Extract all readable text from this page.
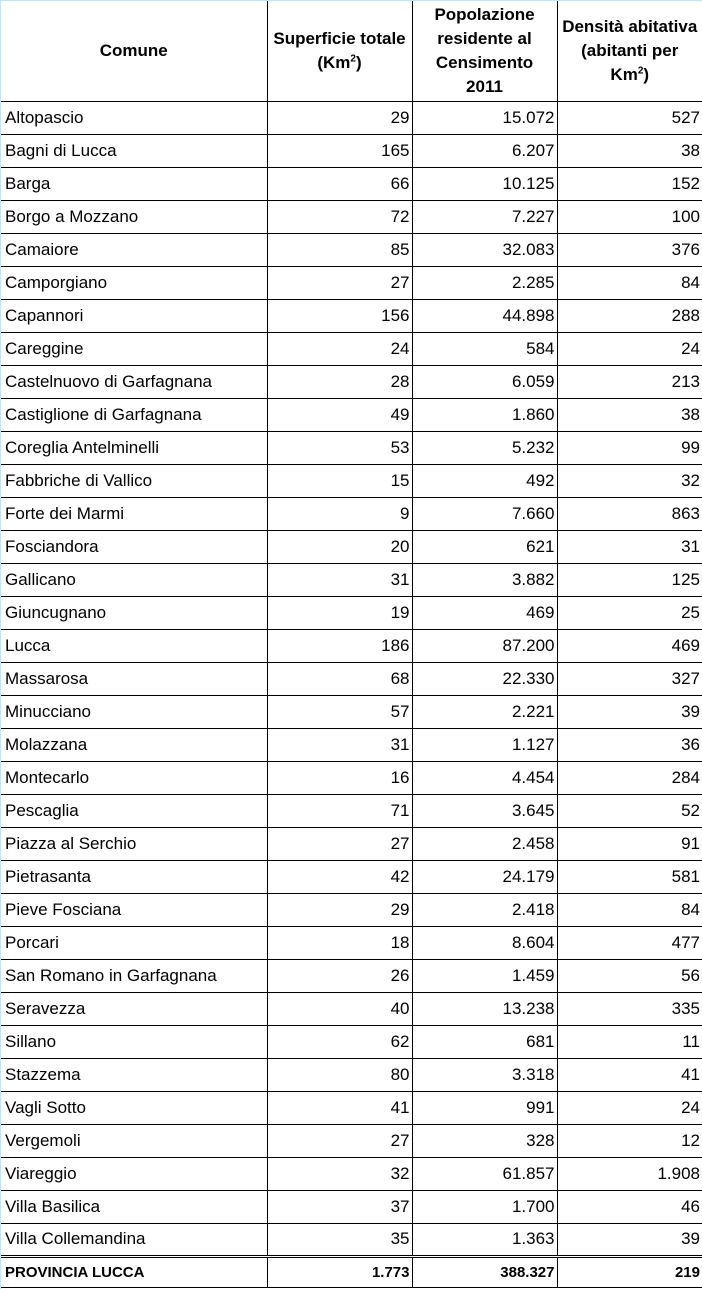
Comune	Superficie totale (Km$^2$)	Popolazione residente al Censimento 2011	Densità abitativa (abitanti per Km$^2$)
Altopascio	29	15.072	527
Bagni di Lucca	165	6.207	38
Barga	66	10.125	152
Borgo a Mozzano	72	7.227	100
Camaiore	85	32.083	376
Camporgiano	27	2.285	84
Capannori	156	44.898	288
Careggine	24	584	24
Castelnuovo di Garfagnana	28	6.059	213
Castiglione di Garfagnana	49	1.860	38
Coreglia Antelminelli	53	5.232	99
Fabbriche di Vallico	15	492	32
Forte dei Marmi	9	7.660	863
Fosciandora	20	621	31
Gallicano	31	3.882	125
Giuncugnano	19	469	25
Lucca	186	87.200	469
Massarosa	68	22.330	327
Minucciano	57	2.221	39
Molazzana	31	1.127	36
Montecarlo	16	4.454	284
Pescaglia	71	3.645	52
Piazza al Serchio	27	2.458	91
Pietrasanta	42	24.179	581
Pieve Fosciana	29	2.418	84
Porcari	18	8.604	477
San Romano in Garfagnana	26	1.459	56
Seravezza	40	13.238	335
Sillano	62	681	11
Stazzema	80	3.318	41
Vagli Sotto	41	991	24
Vergemoli	27	328	12
Viareggio	32	61.857	1.908
Villa Basilica	37	1.700	46
Villa Collemandina	35	1.363	39
PROVINCIA LUCCA	1.773	388.327	219
